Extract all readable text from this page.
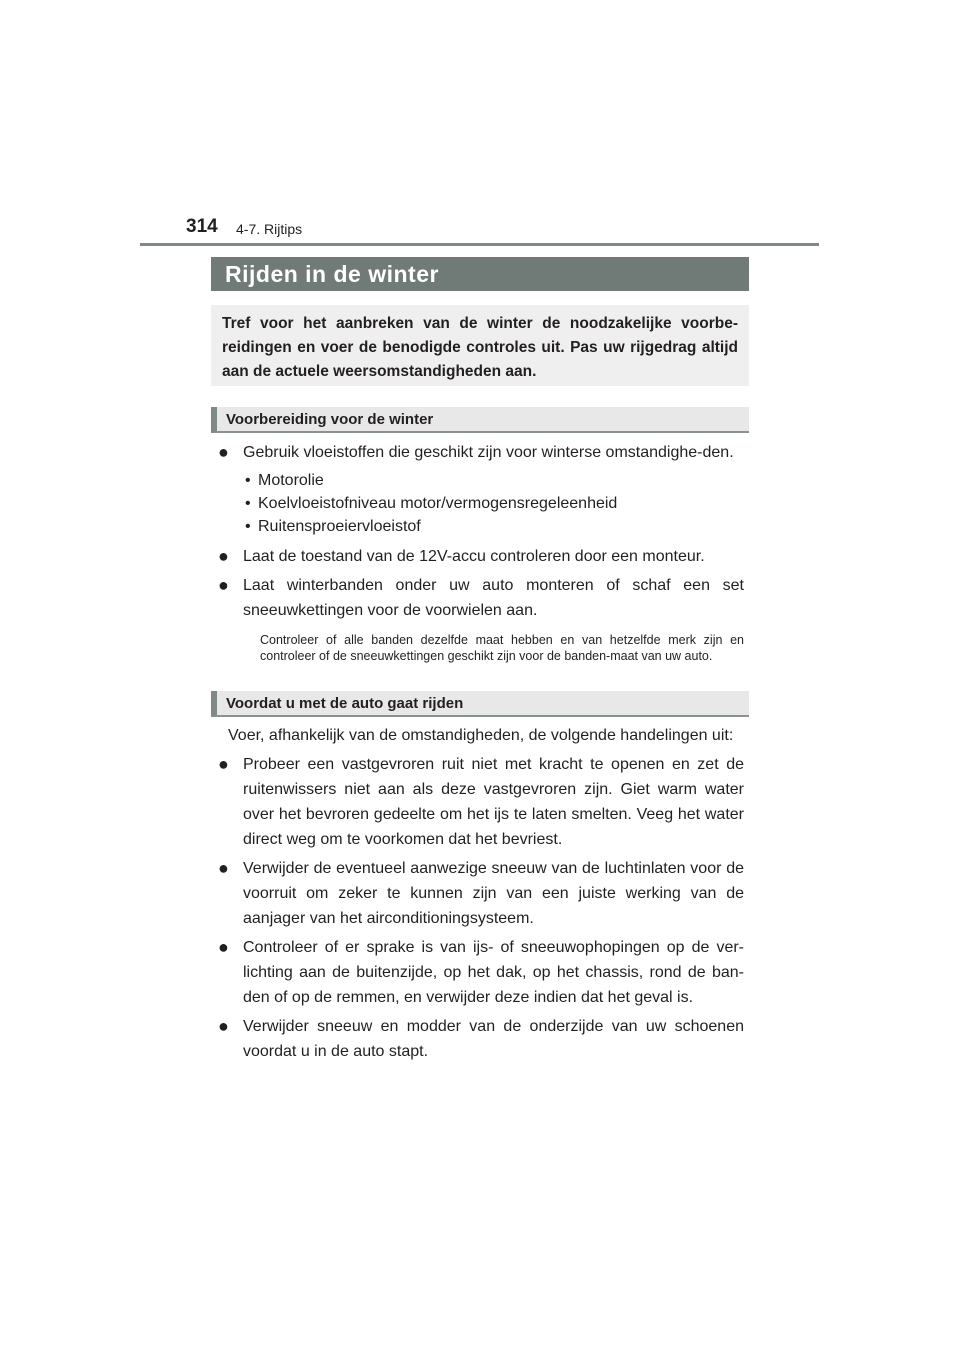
314 4-7. Rijtips
Rijden in de winter
Tref voor het aanbreken van de winter de noodzakelijke voorbe-reidingen en voer de benodigde controles uit. Pas uw rijgedrag altijd aan de actuele weersomstandigheden aan.
Voorbereiding voor de winter
● Gebruik vloeistoffen die geschikt zijn voor winterse omstandighe-den.
• Motorolie
• Koelvloeistofniveau motor/vermogensregeleenheid
• Ruitensproeiervloeistof
● Laat de toestand van de 12V-accu controleren door een monteur.
● Laat winterbanden onder uw auto monteren of schaf een set sneeuwkettingen voor de voorwielen aan.

Controleer of alle banden dezelfde maat hebben en van hetzelfde merk zijn en controleer of de sneeuwkettingen geschikt zijn voor de banden-maat van uw auto.

Voordat u met de auto gaat rijden
Voer, afhankelijk van de omstandigheden, de volgende handelingen uit:
● Probeer een vastgevroren ruit niet met kracht te openen en zet de ruitenwissers niet aan als deze vastgevroren zijn. Giet warm water over het bevroren gedeelte om het ijs te laten smelten. Veeg het water direct weg om te voorkomen dat het bevriest.
● Verwijder de eventueel aanwezige sneeuw van de luchtinlaten voor de voorruit om zeker te kunnen zijn van een juiste werking van de aanjager van het airconditioningsysteem.
● Controleer of er sprake is van ijs- of sneeuwophopingen op de ver-lichting aan de buitenzijde, op het dak, op het chassis, rond de ban-den of op de remmen, en verwijder deze indien dat het geval is.
● Verwijder sneeuw en modder van de onderzijde van uw schoenen voordat u in de auto stapt.
